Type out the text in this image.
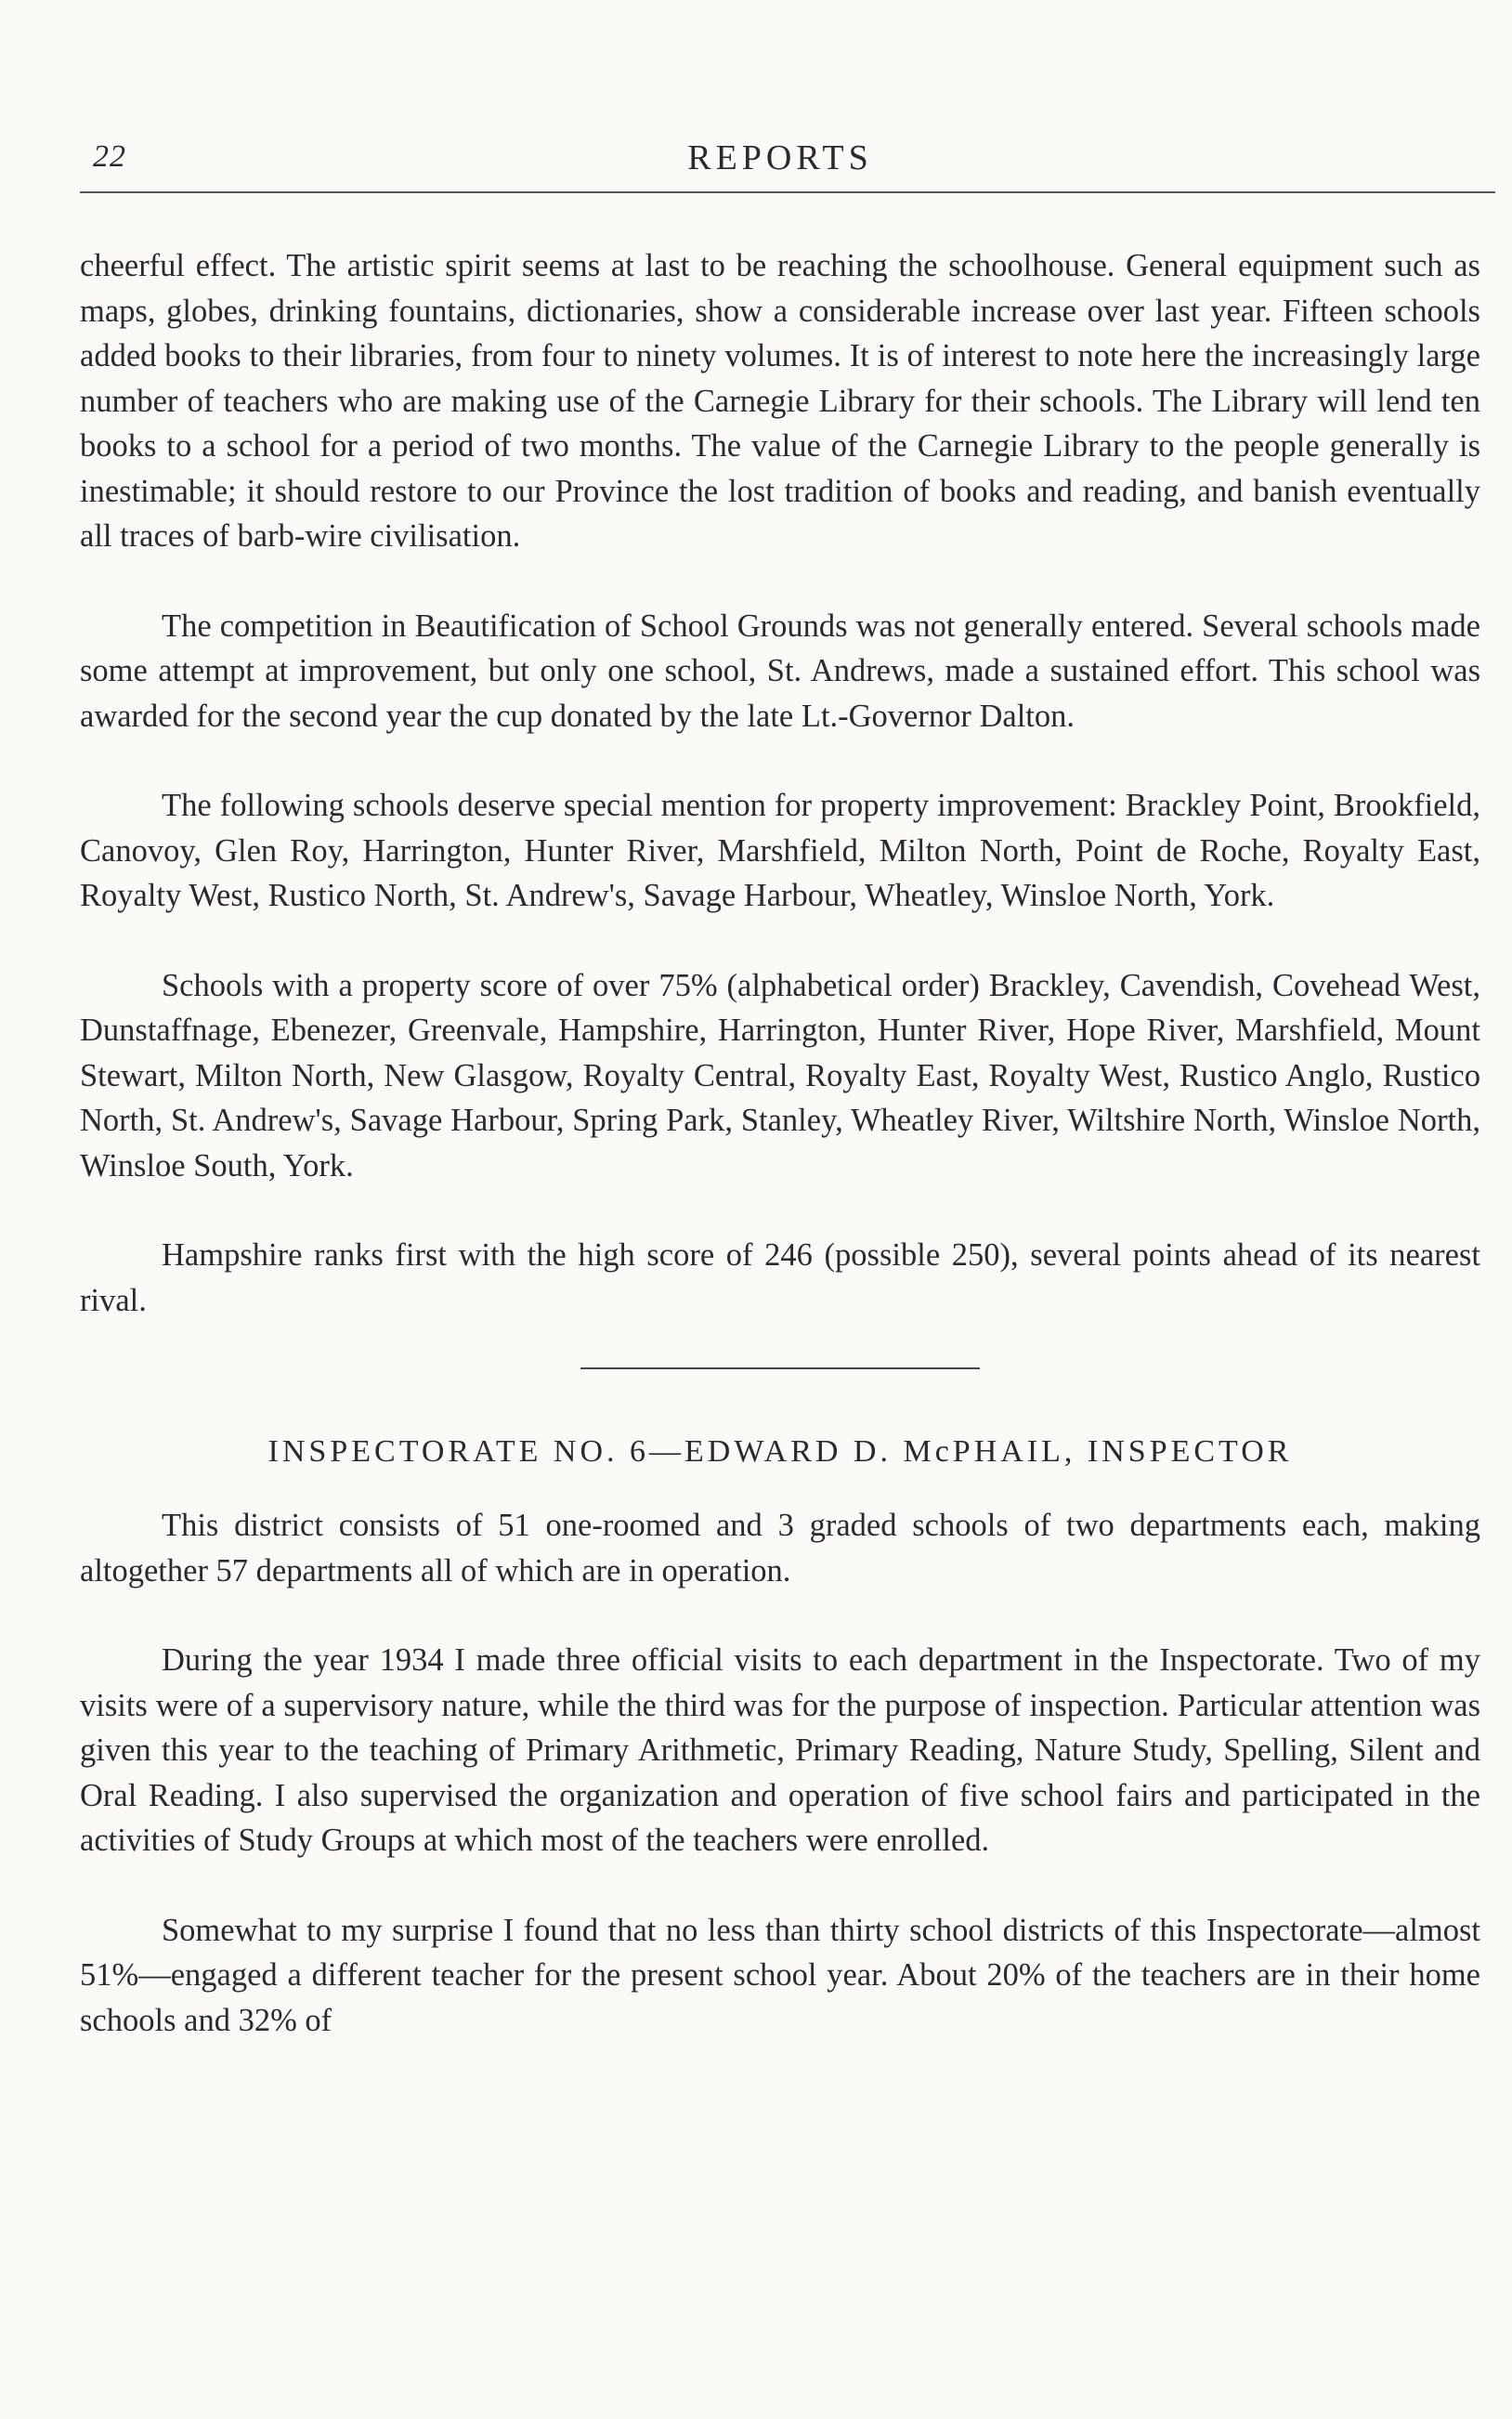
22	REPORTS

cheerful effect. The artistic spirit seems at last to be reaching the schoolhouse. General equipment such as maps, globes, drinking fountains, dictionaries, show a considerable increase over last year. Fifteen schools added books to their libraries, from four to ninety volumes. It is of interest to note here the increasingly large number of teachers who are making use of the Carnegie Library for their schools. The Library will lend ten books to a school for a period of two months. The value of the Carnegie Library to the people generally is inestimable; it should restore to our Province the lost tradition of books and reading, and banish eventually all traces of barb-wire civilisation.

The competition in Beautification of School Grounds was not generally entered. Several schools made some attempt at improvement, but only one school, St. Andrews, made a sustained effort. This school was awarded for the second year the cup donated by the late Lt.-Governor Dalton.

The following schools deserve special mention for property improvement: Brackley Point, Brookfield, Canovoy, Glen Roy, Harrington, Hunter River, Marshfield, Milton North, Point de Roche, Royalty East, Royalty West, Rustico North, St. Andrew's, Savage Harbour, Wheatley, Winsloe North, York.

Schools with a property score of over 75% (alphabetical order) Brackley, Cavendish, Covehead West, Dunstaffnage, Ebenezer, Greenvale, Hampshire, Harrington, Hunter River, Hope River, Marshfield, Mount Stewart, Milton North, New Glasgow, Royalty Central, Royalty East, Royalty West, Rustico Anglo, Rustico North, St. Andrew's, Savage Harbour, Spring Park, Stanley, Wheatley River, Wiltshire North, Winsloe North, Winsloe South, York.

Hampshire ranks first with the high score of 246 (possible 250), several points ahead of its nearest rival.

INSPECTORATE NO. 6—EDWARD D. McPHAIL, INSPECTOR

This district consists of 51 one-roomed and 3 graded schools of two departments each, making altogether 57 departments all of which are in operation.

During the year 1934 I made three official visits to each department in the Inspectorate. Two of my visits were of a supervisory nature, while the third was for the purpose of inspection. Particular attention was given this year to the teaching of Primary Arithmetic, Primary Reading, Nature Study, Spelling, Silent and Oral Reading. I also supervised the organization and operation of five school fairs and participated in the activities of Study Groups at which most of the teachers were enrolled.

Somewhat to my surprise I found that no less than thirty school districts of this Inspectorate—almost 51%—engaged a different teacher for the present school year. About 20% of the teachers are in their home schools and 32% of
